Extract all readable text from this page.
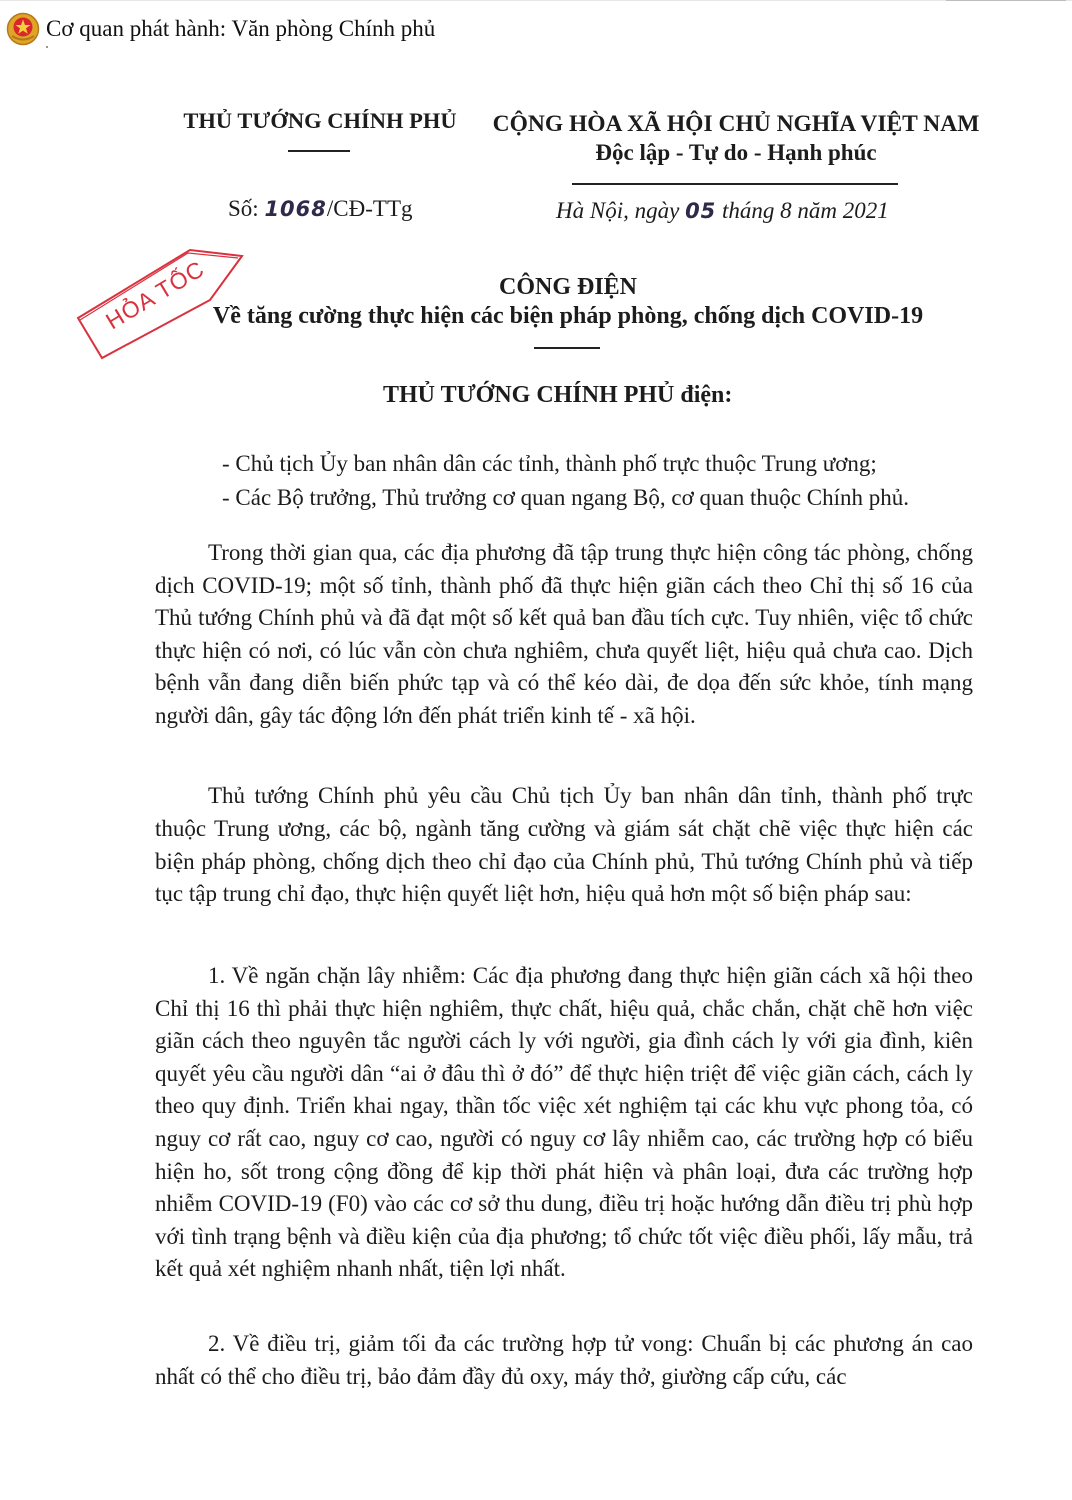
Cơ quan phát hành: Văn phòng Chính phủ
THỦ TƯỚNG CHÍNH PHỦ CỘNG HÒA XÃ HỘI CHỦ NGHĨA VIỆT NAM
Độc lập - Tự do - Hạnh phúc
Số: 1068/CĐ-TTg	Hà Nội, ngày 05 tháng 8 năm 2021
HỎA TỐC	CÔNG ĐIỆN
Về tăng cường thực hiện các biện pháp phòng, chống dịch COVID-19
THỦ TƯỚNG CHÍNH PHỦ điện:
- Chủ tịch Ủy ban nhân dân các tỉnh, thành phố trực thuộc Trung ương;
- Các Bộ trưởng, Thủ trưởng cơ quan ngang Bộ, cơ quan thuộc Chính phủ.

Trong thời gian qua, các địa phương đã tập trung thực hiện công tác phòng, chống dịch COVID-19; một số tỉnh, thành phố đã thực hiện giãn cách theo Chỉ thị số 16 của Thủ tướng Chính phủ và đã đạt một số kết quả ban đầu tích cực. Tuy nhiên, việc tổ chức thực hiện có nơi, có lúc vẫn còn chưa nghiêm, chưa quyết liệt, hiệu quả chưa cao. Dịch bệnh vẫn đang diễn biến phức tạp và có thể kéo dài, đe dọa đến sức khỏe, tính mạng người dân, gây tác động lớn đến phát triển kinh tế - xã hội.

Thủ tướng Chính phủ yêu cầu Chủ tịch Ủy ban nhân dân tỉnh, thành phố trực thuộc Trung ương, các bộ, ngành tăng cường và giám sát chặt chẽ việc thực hiện các biện pháp phòng, chống dịch theo chỉ đạo của Chính phủ, Thủ tướng Chính phủ và tiếp tục tập trung chỉ đạo, thực hiện quyết liệt hơn, hiệu quả hơn một số biện pháp sau:

1. Về ngăn chặn lây nhiễm: Các địa phương đang thực hiện giãn cách xã hội theo Chỉ thị 16 thì phải thực hiện nghiêm, thực chất, hiệu quả, chắc chắn, chặt chẽ hơn việc giãn cách theo nguyên tắc người cách ly với người, gia đình cách ly với gia đình, kiên quyết yêu cầu người dân “ai ở đâu thì ở đó” để thực hiện triệt để việc giãn cách, cách ly theo quy định. Triển khai ngay, thần tốc việc xét nghiệm tại các khu vực phong tỏa, có nguy cơ rất cao, nguy cơ cao, người có nguy cơ lây nhiễm cao, các trường hợp có biểu hiện ho, sốt trong cộng đồng để kịp thời phát hiện và phân loại, đưa các trường hợp nhiễm COVID-19 (F0) vào các cơ sở thu dung, điều trị hoặc hướng dẫn điều trị phù hợp với tình trạng bệnh và điều kiện của địa phương; tổ chức tốt việc điều phối, lấy mẫu, trả kết quả xét nghiệm nhanh nhất, tiện lợi nhất.

2. Về điều trị, giảm tối đa các trường hợp tử vong: Chuẩn bị các phương án cao nhất có thể cho điều trị, bảo đảm đầy đủ oxy, máy thở, giường cấp cứu, các
